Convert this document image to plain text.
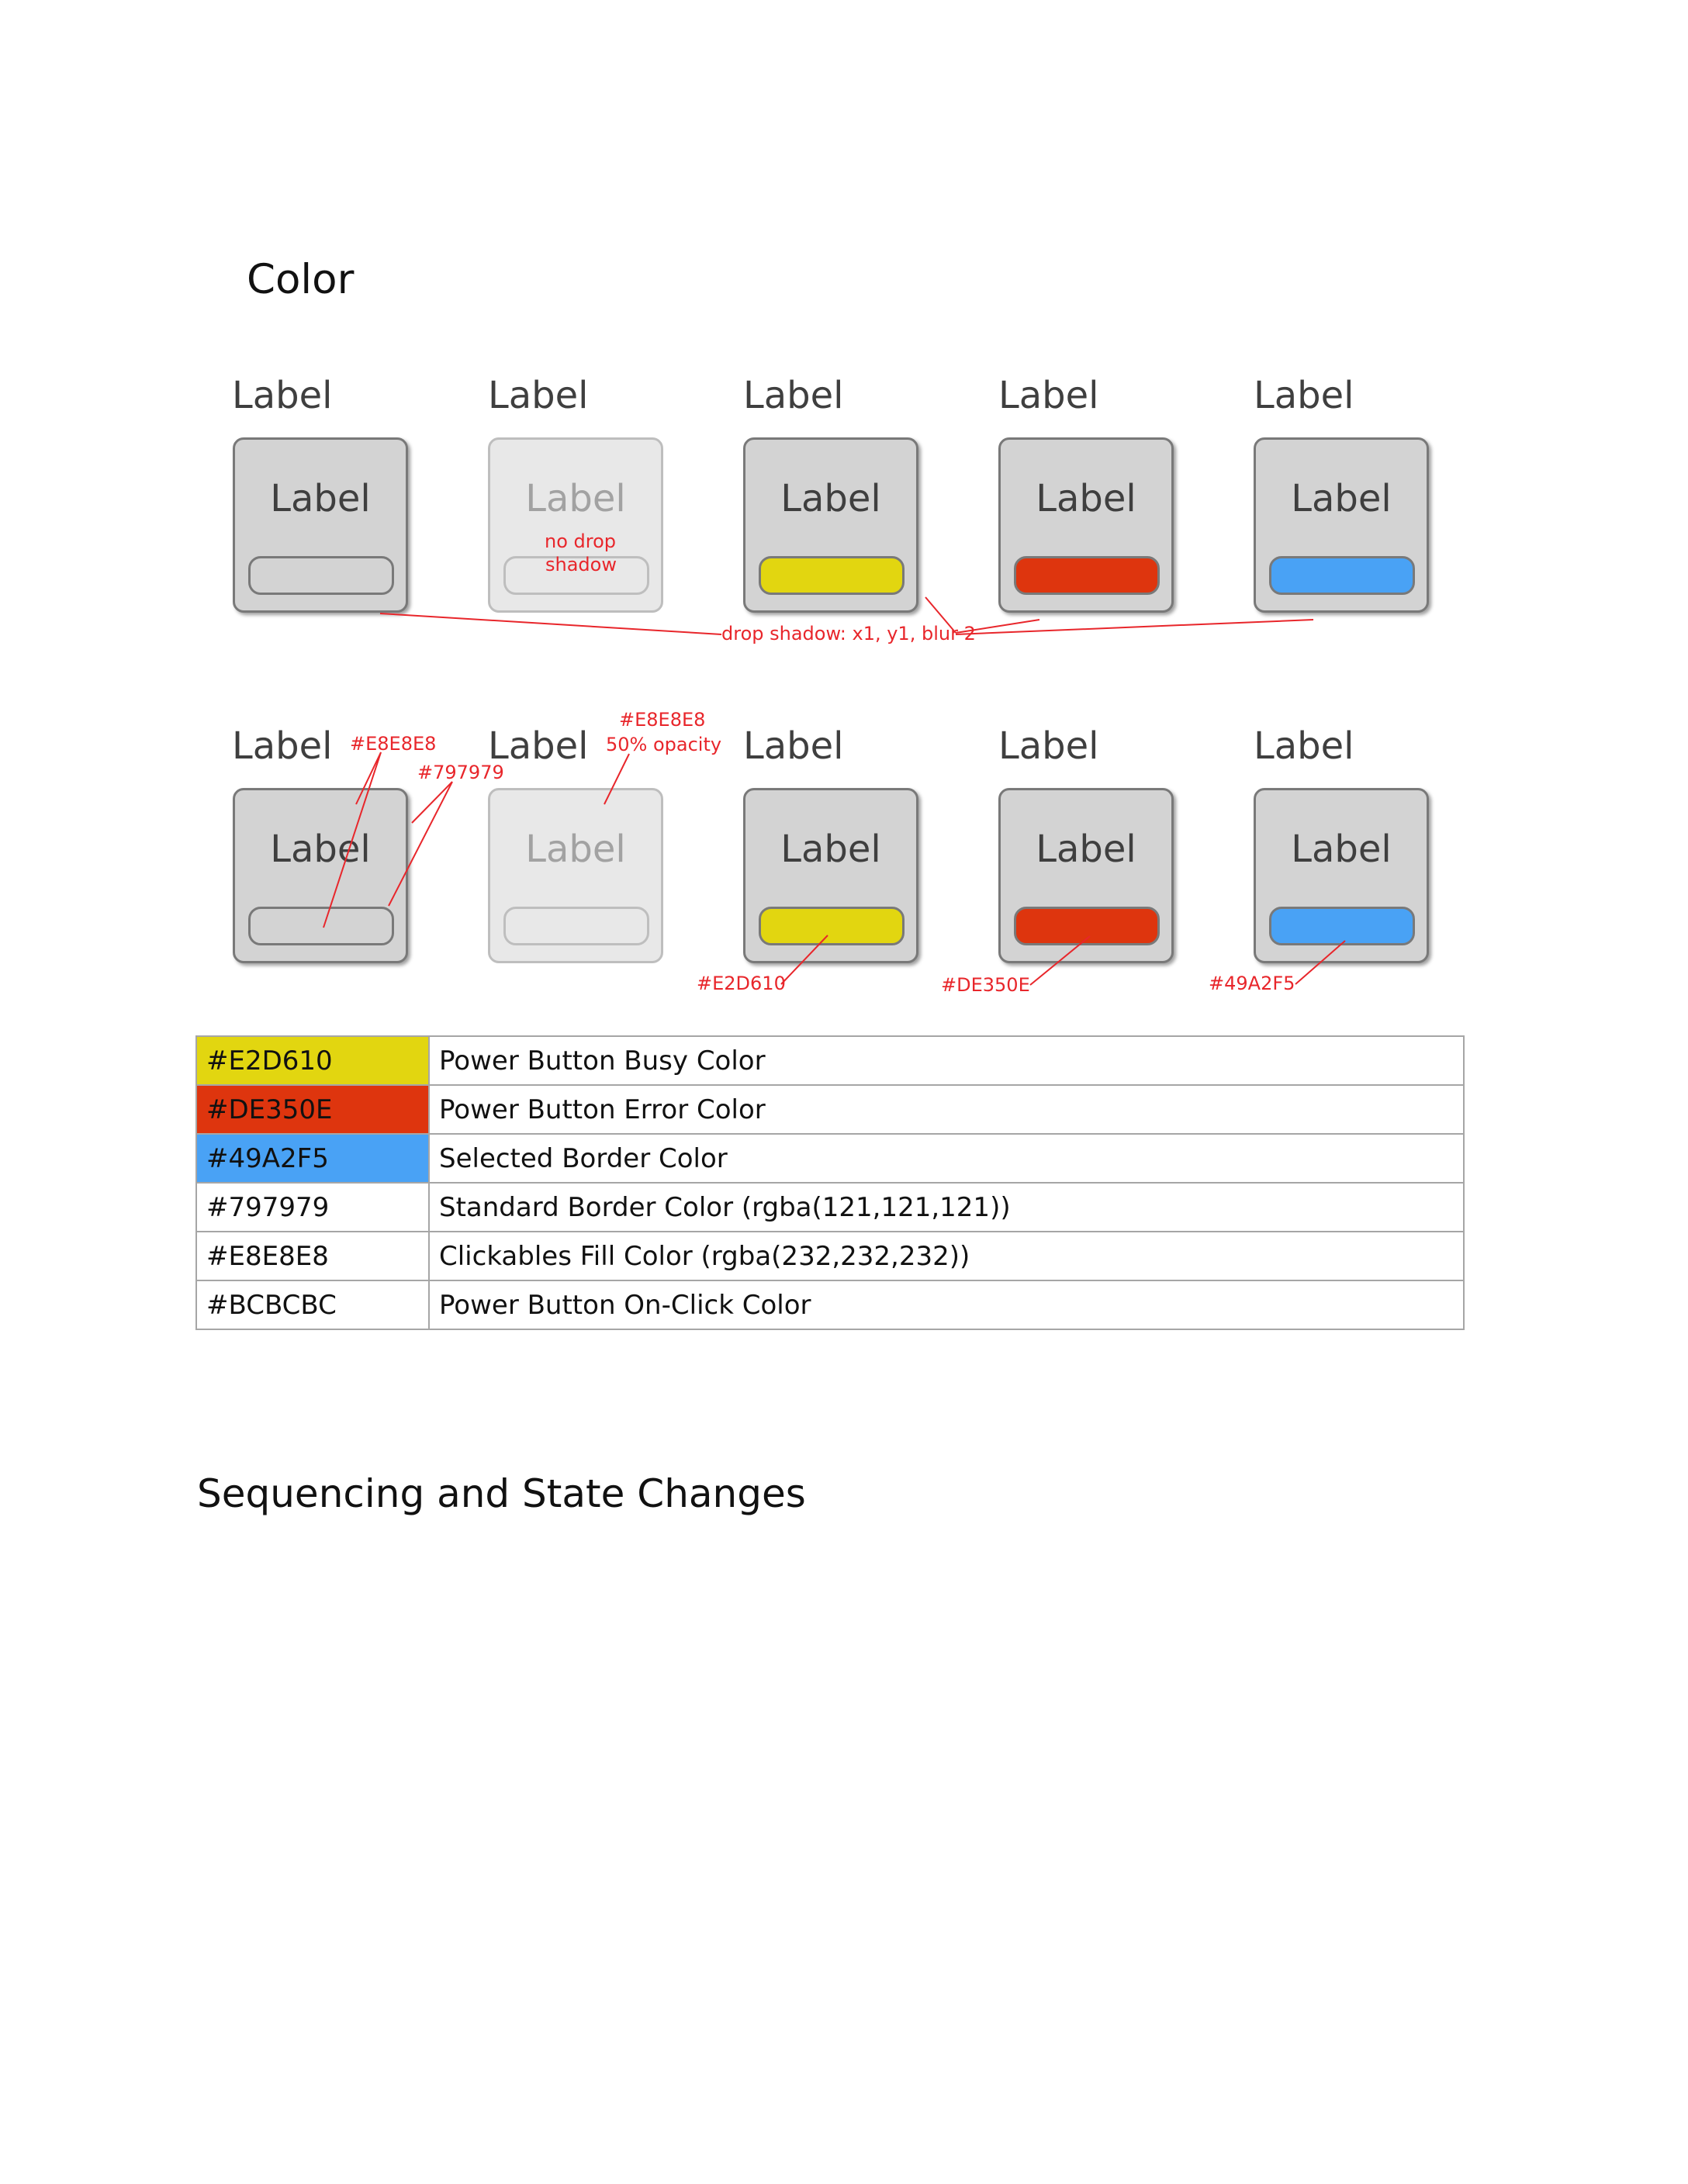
Color
Label	Label	Label	Label	Label
Label	Label	Label	Label	Label
no drop
shadow
drop shadow: x1, y1, blur 2
Label	Label	Label	Label	Label
Label	Label	Label	Label	Label
#E8E8E8
#797979
#E8E8E8
50% opacity
#E2D610	#DE350E	#49A2F5
#E2D610	Power Button Busy Color
#DE350E	Power Button Error Color
#49A2F5	Selected Border Color
#797979	Standard Border Color (rgba(121,121,121))
#E8E8E8	Clickables Fill Color (rgba(232,232,232))
#BCBCBC	Power Button On-Click Color
Sequencing and State Changes
